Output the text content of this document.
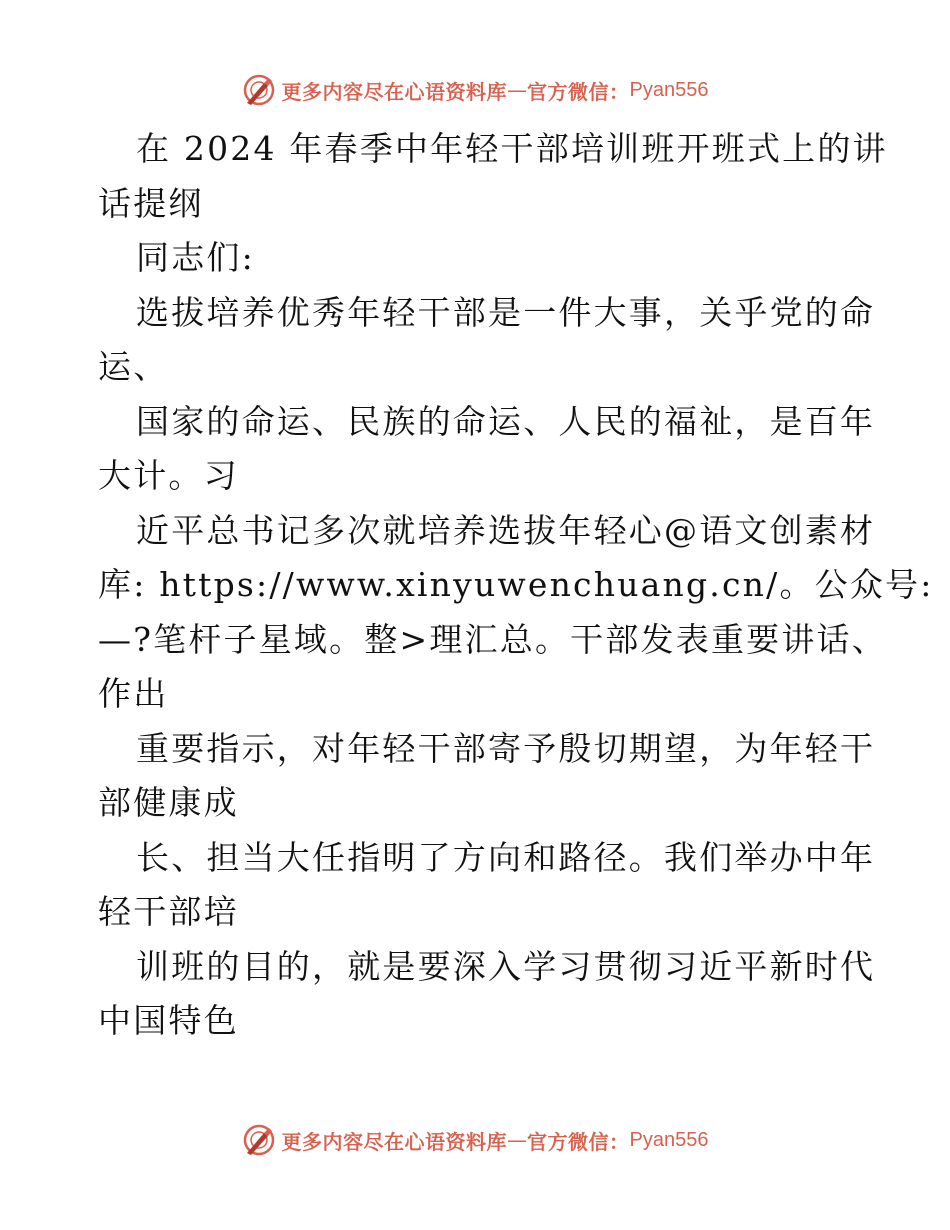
更多内容尽在心语资料库 — 官方微信： Pyan556

在 2024 年春季中年轻干部培训班开班式上的讲

话提纲

同志们:

选拔培养优秀年轻干部是一件大事，关乎党的命

运、

国家的命运、民族的命运、人民的福祉，是百年

大计。习

近平总书记多次就培养选拔年轻心@语文创素材

库: https://www.xinyuwenchuang.cn/。公众号:

—?笔杆子星域。整>理汇总。干部发表重要讲话、

作出

重要指示，对年轻干部寄予殷切期望，为年轻干

部健康成

长、担当大任指明了方向和路径。我们举办中年

轻干部培

训班的目的，就是要深入学习贯彻习近平新时代

中国特色

更多内容尽在心语资料库 — 官方微信： Pyan556
